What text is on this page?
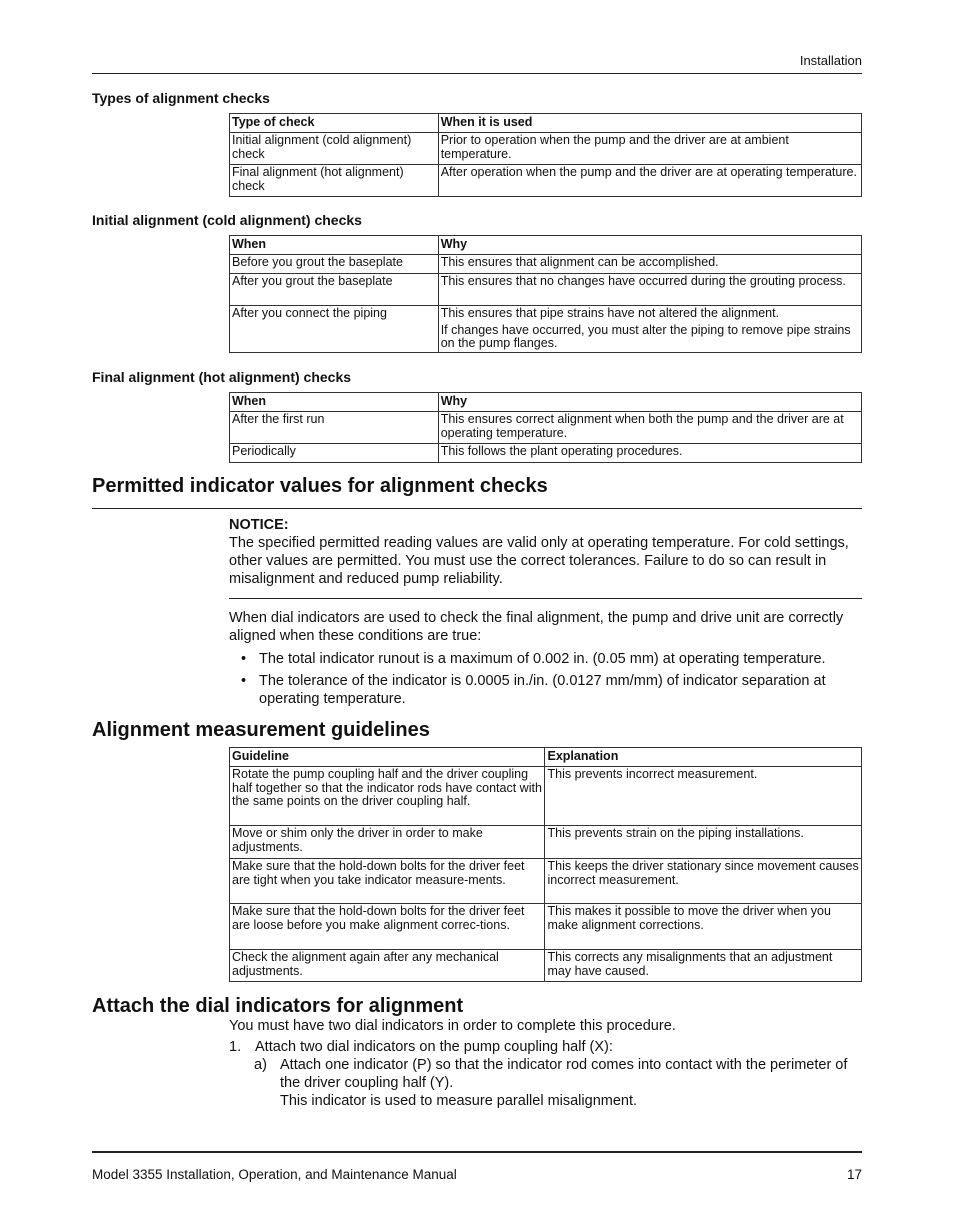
Installation
Types of alignment checks
Type of check	When it is used
Initial alignment (cold alignment) check	Prior to operation when the pump and the driver are at ambient temperature.
Final alignment (hot alignment) check	After operation when the pump and the driver are at operating temperature.
Initial alignment (cold alignment) checks
When	Why
Before you grout the baseplate	This ensures that alignment can be accomplished.
After you grout the baseplate	This ensures that no changes have occurred during the grouting process.
After you connect the piping	This ensures that pipe strains have not altered the alignment.

If changes have occurred, you must alter the piping to remove pipe strains on the pump flanges.

Final alignment (hot alignment) checks
When	Why
After the first run	This ensures correct alignment when both the pump and the driver are at operating temperature.
Periodically	This follows the plant operating procedures.
Permitted indicator values for alignment checks
NOTICE:
The specified permitted reading values are valid only at operating temperature. For cold settings, other values are permitted. You must use the correct tolerances. Failure to do so can result in misalignment and reduced pump reliability.
When dial indicators are used to check the final alignment, the pump and drive unit are correctly aligned when these conditions are true:
• The total indicator runout is a maximum of 0.002 in. (0.05 mm) at operating temperature.
• The tolerance of the indicator is 0.0005 in./in. (0.0127 mm/mm) of indicator separation at operating temperature.
Alignment measurement guidelines
Guideline	Explanation
Rotate the pump coupling half and the driver coupling half together so that the indicator rods have contact with the same points on the driver coupling half.	This prevents incorrect measurement.
Move or shim only the driver in order to make adjustments.	This prevents strain on the piping installations.
Make sure that the hold-down bolts for the driver feet are tight when you take indicator measure-ments.	This keeps the driver stationary since movement causes incorrect measurement.
Make sure that the hold-down bolts for the driver feet are loose before you make alignment correc-tions.	This makes it possible to move the driver when you make alignment corrections.
Check the alignment again after any mechanical adjustments.	This corrects any misalignments that an adjustment may have caused.
Attach the dial indicators for alignment
You must have two dial indicators in order to complete this procedure.
1. Attach two dial indicators on the pump coupling half (X):
a) Attach one indicator (P) so that the indicator rod comes into contact with the perimeter of the driver coupling half (Y).
This indicator is used to measure parallel misalignment.
Model 3355 Installation, Operation, and Maintenance Manual	17
